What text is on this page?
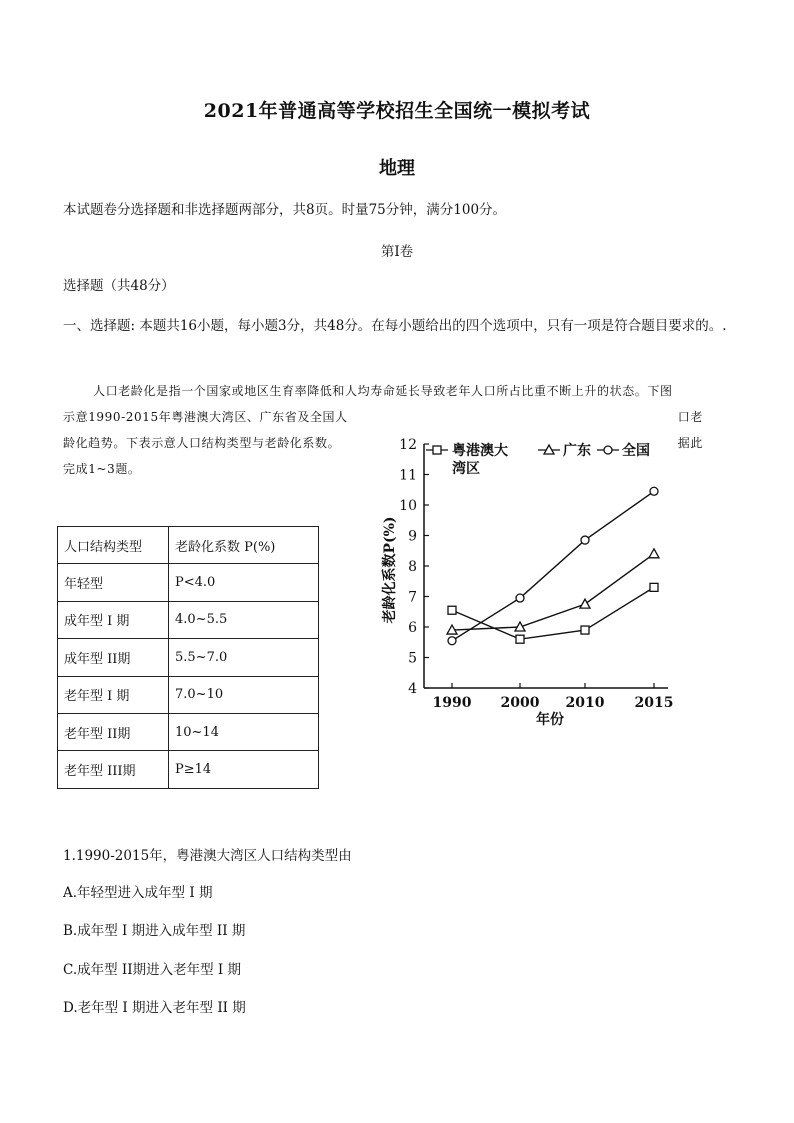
2021年普通高等学校招生全国统一模拟考试
地理
本试题卷分选择题和非选择题两部分，共8页。时量75分钟，满分100分。
第Ⅰ卷
选择题（共48分）
一、选择题: 本题共16小题，每小题3分，共48分。在每小题给出的四个选项中，只有一项是符合题目要求的。.
人口老龄化是指一个国家或地区生育率降低和人均寿命延长导致老年人口所占比重不断上升的状态。下图
示意1990-2015年粤港澳大湾区、广东省及全国人	口老
龄化趋势。下表示意人口结构类型与老龄化系数。	据此
完成1~3题。
人口结构类型	老龄化系数 P(%)
年轻型	P<4.0
成年型 I 期	4.0~5.5
成年型 II期	5.5~7.0
老年型 I 期	7.0~10
老年型 II期	10~14
老年型 III期	P≥14
老龄化系数P(%)
年份
粤港澳大
湾区
广东 全国
4
5
6
7
8
9
10
11
12
1990 2000 2010 2015
1.1990-2015年，粤港澳大湾区人口结构类型由
A.年轻型进入成年型 I 期
B.成年型 I 期进入成年型 II 期
C.成年型 II期进入老年型 I 期
D.老年型 I 期进入老年型 II 期
